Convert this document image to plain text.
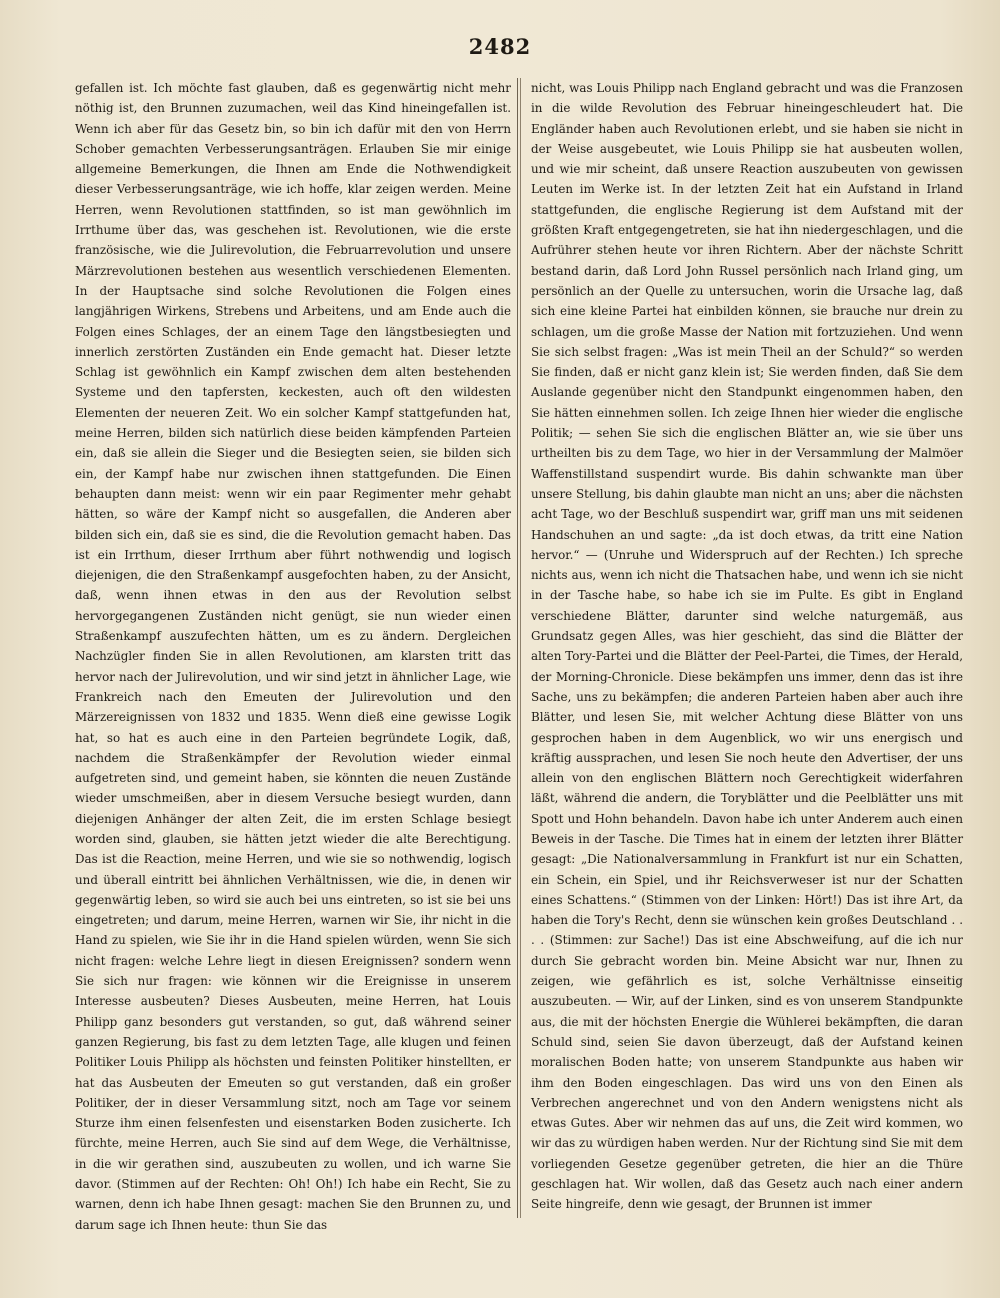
2482

gefallen ist. Ich möchte fast glauben, daß es gegenwärtig nicht mehr nöthig ist, den Brunnen zuzumachen, weil das Kind hineingefallen ist. Wenn ich aber für das Gesetz bin, so bin ich dafür mit den von Herrn Schober gemachten Verbesserungsanträgen. Erlauben Sie mir einige allgemeine Bemerkungen, die Ihnen am Ende die Nothwendigkeit dieser Verbesserungsanträge, wie ich hoffe, klar zeigen werden. Meine Herren, wenn Revolutionen stattfinden, so ist man gewöhnlich im Irrthume über das, was geschehen ist. Revolutionen, wie die erste französische, wie die Julirevolution, die Februarrevolution und unsere Märzrevolutionen bestehen aus wesentlich verschiedenen Elementen. In der Hauptsache sind solche Revolutionen die Folgen eines langjährigen Wirkens, Strebens und Arbeitens, und am Ende auch die Folgen eines Schlages, der an einem Tage den längstbesiegten und innerlich zerstörten Zuständen ein Ende gemacht hat. Dieser letzte Schlag ist gewöhnlich ein Kampf zwischen dem alten bestehenden Systeme und den tapfersten, keckesten, auch oft den wildesten Elementen der neueren Zeit. Wo ein solcher Kampf stattgefunden hat, meine Herren, bilden sich natürlich diese beiden kämpfenden Parteien ein, daß sie allein die Sieger und die Besiegten seien, sie bilden sich ein, der Kampf habe nur zwischen ihnen stattgefunden. Die Einen behaupten dann meist: wenn wir ein paar Regimenter mehr gehabt hätten, so wäre der Kampf nicht so ausgefallen, die Anderen aber bilden sich ein, daß sie es sind, die die Revolution gemacht haben. Das ist ein Irrthum, dieser Irrthum aber führt nothwendig und logisch diejenigen, die den Straßenkampf ausgefochten haben, zu der Ansicht, daß, wenn ihnen etwas in den aus der Revolution selbst hervorgegangenen Zuständen nicht genügt, sie nun wieder einen Straßenkampf auszufechten hätten, um es zu ändern. Dergleichen Nachzügler finden Sie in allen Revolutionen, am klarsten tritt das hervor nach der Julirevolution, und wir sind jetzt in ähnlicher Lage, wie Frankreich nach den Emeuten der Julirevolution und den Märzereignissen von 1832 und 1835. Wenn dieß eine gewisse Logik hat, so hat es auch eine in den Parteien begründete Logik, daß, nachdem die Straßenkämpfer der Revolution wieder einmal aufgetreten sind, und gemeint haben, sie könnten die neuen Zustände wieder umschmeißen, aber in diesem Versuche besiegt wurden, dann diejenigen Anhänger der alten Zeit, die im ersten Schlage besiegt worden sind, glauben, sie hätten jetzt wieder die alte Berechtigung. Das ist die Reaction, meine Herren, und wie sie so nothwendig, logisch und überall eintritt bei ähnlichen Verhältnissen, wie die, in denen wir gegenwärtig leben, so wird sie auch bei uns eintreten, so ist sie bei uns eingetreten; und darum, meine Herren, warnen wir Sie, ihr nicht in die Hand zu spielen, wie Sie ihr in die Hand spielen würden, wenn Sie sich nicht fragen: welche Lehre liegt in diesen Ereignissen? sondern wenn Sie sich nur fragen: wie können wir die Ereignisse in unserem Interesse ausbeuten? Dieses Ausbeuten, meine Herren, hat Louis Philipp ganz besonders gut verstanden, so gut, daß während seiner ganzen Regierung, bis fast zu dem letzten Tage, alle klugen und feinen Politiker Louis Philipp als höchsten und feinsten Politiker hinstellten, er hat das Ausbeuten der Emeuten so gut verstanden, daß ein großer Politiker, der in dieser Versammlung sitzt, noch am Tage vor seinem Sturze ihm einen felsenfesten und eisenstarken Boden zusicherte. Ich fürchte, meine Herren, auch Sie sind auf dem Wege, die Verhältnisse, in die wir gerathen sind, auszubeuten zu wollen, und ich warne Sie davor. (Stimmen auf der Rechten: Oh! Oh!) Ich habe ein Recht, Sie zu warnen, denn ich habe Ihnen gesagt: machen Sie den Brunnen zu, und darum sage ich Ihnen heute: thun Sie das

nicht, was Louis Philipp nach England gebracht und was die Franzosen in die wilde Revolution des Februar hineingeschleudert hat. Die Engländer haben auch Revolutionen erlebt, und sie haben sie nicht in der Weise ausgebeutet, wie Louis Philipp sie hat ausbeuten wollen, und wie mir scheint, daß unsere Reaction auszubeuten von gewissen Leuten im Werke ist. In der letzten Zeit hat ein Aufstand in Irland stattgefunden, die englische Regierung ist dem Aufstand mit der größten Kraft entgegengetreten, sie hat ihn niedergeschlagen, und die Aufrührer stehen heute vor ihren Richtern. Aber der nächste Schritt bestand darin, daß Lord John Russel persönlich nach Irland ging, um persönlich an der Quelle zu untersuchen, worin die Ursache lag, daß sich eine kleine Partei hat einbilden können, sie brauche nur drein zu schlagen, um die große Masse der Nation mit fortzuziehen. Und wenn Sie sich selbst fragen: „Was ist mein Theil an der Schuld?“ so werden Sie finden, daß er nicht ganz klein ist; Sie werden finden, daß Sie dem Auslande gegenüber nicht den Standpunkt eingenommen haben, den Sie hätten einnehmen sollen. Ich zeige Ihnen hier wieder die englische Politik; — sehen Sie sich die englischen Blätter an, wie sie über uns urtheilten bis zu dem Tage, wo hier in der Versammlung der Malmöer Waffenstillstand suspendirt wurde. Bis dahin schwankte man über unsere Stellung, bis dahin glaubte man nicht an uns; aber die nächsten acht Tage, wo der Beschluß suspendirt war, griff man uns mit seidenen Handschuhen an und sagte: „da ist doch etwas, da tritt eine Nation hervor.“ — (Unruhe und Widerspruch auf der Rechten.) Ich spreche nichts aus, wenn ich nicht die Thatsachen habe, und wenn ich sie nicht in der Tasche habe, so habe ich sie im Pulte. Es gibt in England verschiedene Blätter, darunter sind welche naturgemäß, aus Grundsatz gegen Alles, was hier geschieht, das sind die Blätter der alten Tory-Partei und die Blätter der Peel-Partei, die Times, der Herald, der Morning-Chronicle. Diese bekämpfen uns immer, denn das ist ihre Sache, uns zu bekämpfen; die anderen Parteien haben aber auch ihre Blätter, und lesen Sie, mit welcher Achtung diese Blätter von uns gesprochen haben in dem Augenblick, wo wir uns energisch und kräftig aussprachen, und lesen Sie noch heute den Advertiser, der uns allein von den englischen Blättern noch Gerechtigkeit widerfahren läßt, während die andern, die Toryblätter und die Peelblätter uns mit Spott und Hohn behandeln. Davon habe ich unter Anderem auch einen Beweis in der Tasche. Die Times hat in einem der letzten ihrer Blätter gesagt: „Die Nationalversammlung in Frankfurt ist nur ein Schatten, ein Schein, ein Spiel, und ihr Reichsverweser ist nur der Schatten eines Schattens.“ (Stimmen von der Linken: Hört!) Das ist ihre Art, da haben die Tory's Recht, denn sie wünschen kein großes Deutschland . . . . (Stimmen: zur Sache!) Das ist eine Abschweifung, auf die ich nur durch Sie gebracht worden bin. Meine Absicht war nur, Ihnen zu zeigen, wie gefährlich es ist, solche Verhältnisse einseitig auszubeuten. — Wir, auf der Linken, sind es von unserem Standpunkte aus, die mit der höchsten Energie die Wühlerei bekämpften, die daran Schuld sind, seien Sie davon überzeugt, daß der Aufstand keinen moralischen Boden hatte; von unserem Standpunkte aus haben wir ihm den Boden eingeschlagen. Das wird uns von den Einen als Verbrechen angerechnet und von den Andern wenigstens nicht als etwas Gutes. Aber wir nehmen das auf uns, die Zeit wird kommen, wo wir das zu würdigen haben werden. Nur der Richtung sind Sie mit dem vorliegenden Gesetze gegenüber getreten, die hier an die Thüre geschlagen hat. Wir wollen, daß das Gesetz auch nach einer andern Seite hingreife, denn wie gesagt, der Brunnen ist immer
